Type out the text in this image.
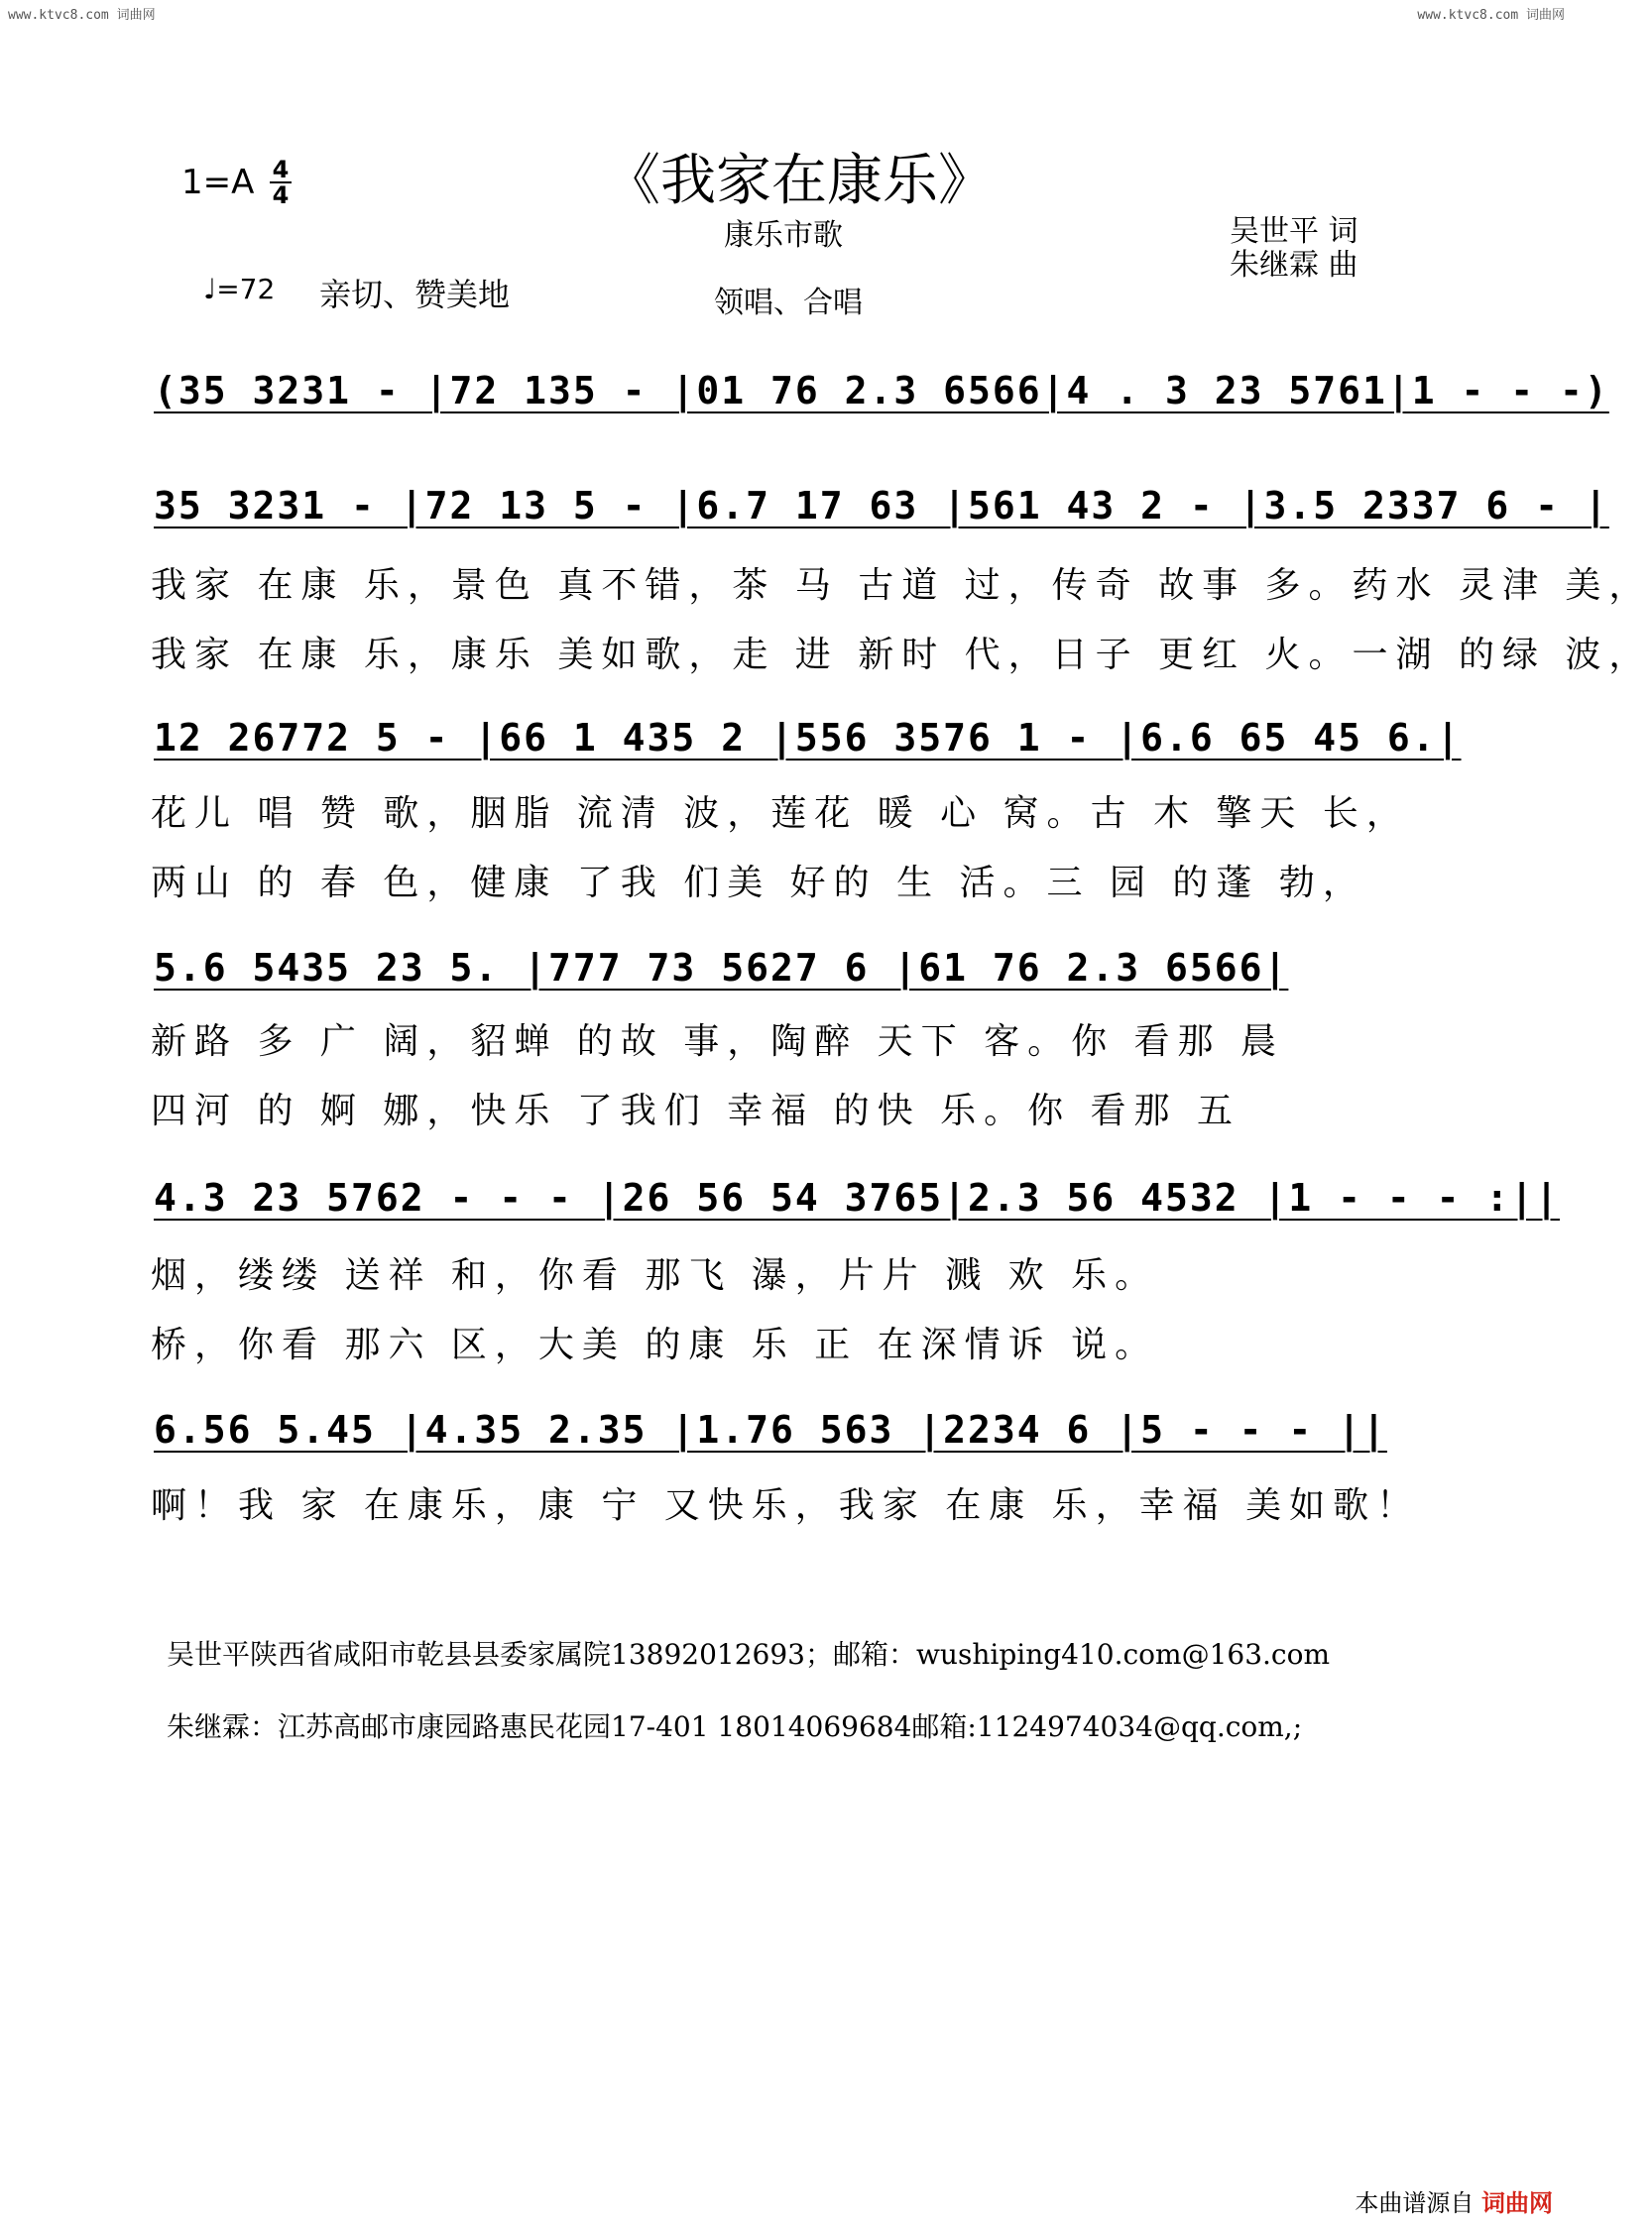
www.ktvc8.com 词曲网	www.ktvc8.com 词曲网
《我家在康乐》
1=A 4
4
康乐市歌	吴世平 词
朱继霖 曲
♩=72 亲切、赞美地	领唱、合唱
(35 3231 - |72 135 - |01 76 2.3 6566|4 . 3 23 5761|1 - - -)
35 3231 - |72 13 5 - |6.7 17 63 |561 43 2 - |3.5 2337 6 - |
我家 在康 乐，景色 真不错，茶 马 古道 过，传奇 故事 多。药水 灵津 美，
我家 在康 乐，康乐 美如歌，走 进 新时 代，日子 更红 火。一湖 的绿 波，
12 26772 5 - |66 1 435 2 |556 3576 1 - |6.6 65 45 6.|
花儿 唱 赞 歌，胭脂 流清 波，莲花 暖 心 窝。古 木 擎天 长，
两山 的 春 色，健康 了我 们美 好的 生 活。三 园 的蓬 勃，
5.6 5435 23 5. |777 73 5627 6 |61 76 2.3 6566|
新路 多 广 阔，貂蝉 的故 事，陶醉 天下 客。你 看那 晨
四河 的 婀 娜，快乐 了我们 幸福 的快 乐。你 看那 五
4.3 23 5762 - - - |26 56 54 3765|2.3 56 4532 |1 - - - :||
烟，缕缕 送祥 和，你看 那飞 瀑，片片 溅 欢 乐。
桥，你看 那六 区，大美 的康 乐 正 在深情诉 说。
6.56 5.45 |4.35 2.35 |1.76 563 |2234 6 |5 - - - ||
啊！我 家 在康乐，康 宁 又快乐，我家 在康 乐，幸福 美如歌！
吴世平陕西省咸阳市乾县县委家属院13892012693；邮箱：wushiping410.com@163.com
朱继霖：江苏高邮市康园路惠民花园17-401 18014069684邮箱:1124974034@qq.com,;
本曲谱源自 词曲网
